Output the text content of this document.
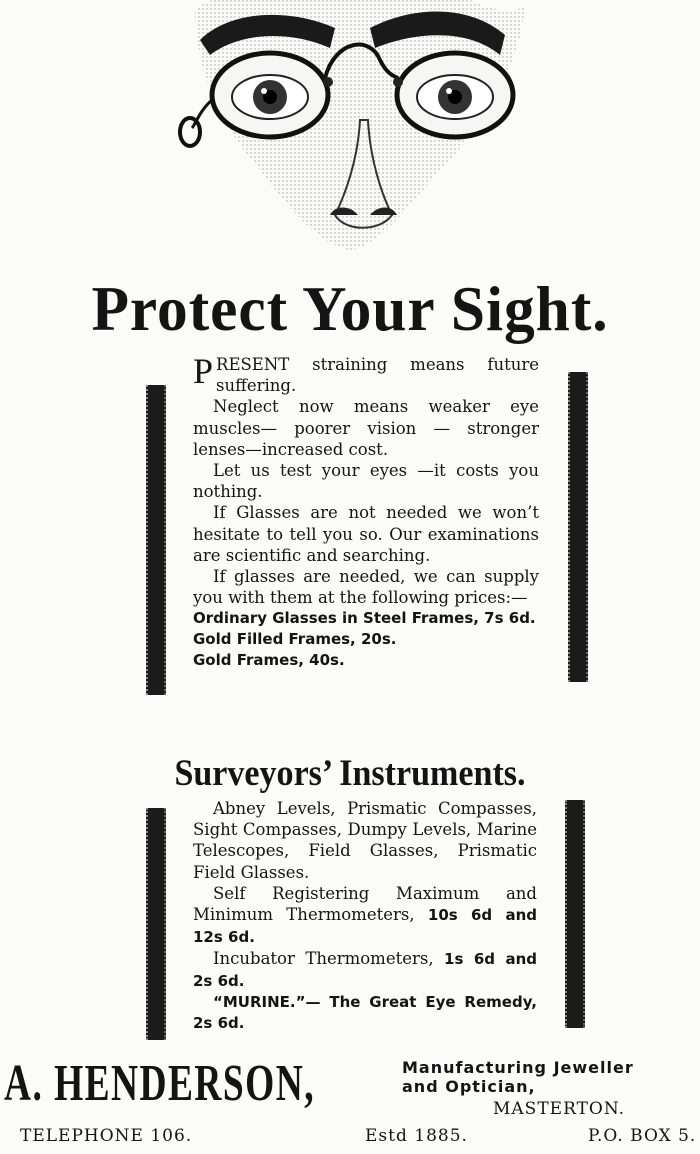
Protect Your Sight.

PRESENT straining means future suffering.

Neglect now means weaker eye muscles— poorer vision — stronger lenses—increased cost.

Let us test your eyes —it costs you nothing.

If Glasses are not needed we won’t hesitate to tell you so. Our examinations are scientific and searching.

If glasses are needed, we can supply you with them at the following prices:—

Ordinary Glasses in Steel Frames, 7s 6d.

Gold Filled Frames, 20s.

Gold Frames, 40s.

Surveyors’ Instruments.

Abney Levels, Prismatic Compasses, Sight Compasses, Dumpy Levels, Marine Telescopes, Field Glasses, Prismatic Field Glasses.

Self Registering Maximum and Minimum Thermometers, 10s 6d and 12s 6d.

Incubator Thermometers, 1s 6d and 2s 6d.

“MURINE.”— The Great Eye Remedy, 2s 6d.

A. HENDERSON,	Manufacturing Jeweller
and Optician,
MASTERTON.
TELEPHONE 106.	Estd 1885.	P.O. BOX 5.
